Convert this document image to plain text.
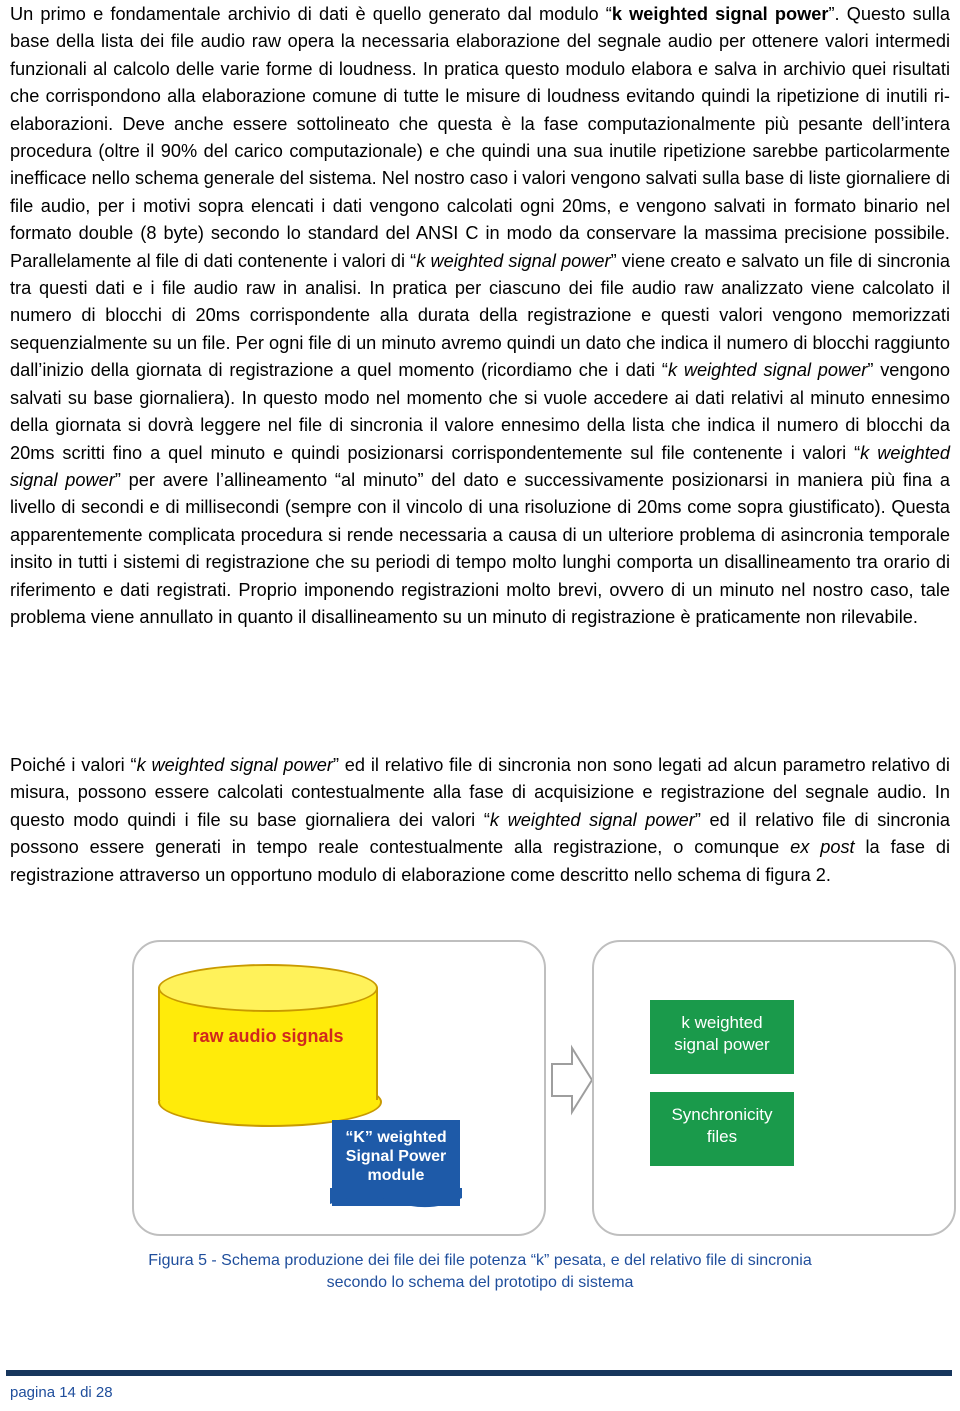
Un primo e fondamentale archivio di dati è quello generato dal modulo “k weighted signal power”. Questo sulla base della lista dei file audio raw opera la necessaria elaborazione del segnale audio per ottenere valori intermedi funzionali al calcolo delle varie forme di loudness. In pratica questo modulo elabora e salva in archivio quei risultati che corrispondono alla elaborazione comune di tutte le misure di loudness evitando quindi la ripetizione di inutili ri-elaborazioni. Deve anche essere sottolineato che questa è la fase computazionalmente più pesante dell’intera procedura (oltre il 90% del carico computazionale) e che quindi una sua inutile ripetizione sarebbe particolarmente inefficace nello schema generale del sistema. Nel nostro caso i valori vengono salvati sulla base di liste giornaliere di file audio, per i motivi sopra elencati i dati vengono calcolati ogni 20ms, e vengono salvati in formato binario nel formato double (8 byte) secondo lo standard del ANSI C in modo da conservare la massima precisione possibile. Parallelamente al file di dati contenente i valori di “k weighted signal power” viene creato e salvato un file di sincronia tra questi dati e i file audio raw in analisi. In pratica per ciascuno dei file audio raw analizzato viene calcolato il numero di blocchi di 20ms corrispondente alla durata della registrazione e questi valori vengono memorizzati sequenzialmente su un file. Per ogni file di un minuto avremo quindi un dato che indica il numero di blocchi raggiunto dall’inizio della giornata di registrazione a quel momento (ricordiamo che i dati “k weighted signal power” vengono salvati su base giornaliera). In questo modo nel momento che si vuole accedere ai dati relativi al minuto ennesimo della giornata si dovrà leggere nel file di sincronia il valore ennesimo della lista che indica il numero di blocchi da 20ms scritti fino a quel minuto e quindi posizionarsi corrispondentemente sul file contenente i valori “k weighted signal power” per avere l’allineamento “al minuto” del dato e successivamente posizionarsi in maniera più fina a livello di secondi e di millisecondi (sempre con il vincolo di una risoluzione di 20ms come sopra giustificato). Questa apparentemente complicata procedura si rende necessaria a causa di un ulteriore problema di asincronia temporale insito in tutti i sistemi di registrazione che su periodi di tempo molto lunghi comporta un disallineamento tra orario di riferimento e dati registrati. Proprio imponendo registrazioni molto brevi, ovvero di un minuto nel nostro caso, tale problema viene annullato in quanto il disallineamento su un minuto di registrazione è praticamente non rilevabile.

Poiché i valori “k weighted signal power” ed il relativo file di sincronia non sono legati ad alcun parametro relativo di misura, possono essere calcolati contestualmente alla fase di acquisizione e registrazione del segnale audio. In questo modo quindi i file su base giornaliera dei valori “k weighted signal power” ed il relativo file di sincronia possono essere generati in tempo reale contestualmente alla registrazione, o comunque ex post la fase di registrazione attraverso un opportuno modulo di elaborazione come descritto nello schema di figura 2.

raw audio signals
“K” weighted
Signal Power
module
k weighted
signal power
Synchronicity
files
Figura 5 - Schema produzione dei file dei file potenza “k” pesata, e del relativo file di sincronia
secondo lo schema del prototipo di sistema
pagina 14 di 28
